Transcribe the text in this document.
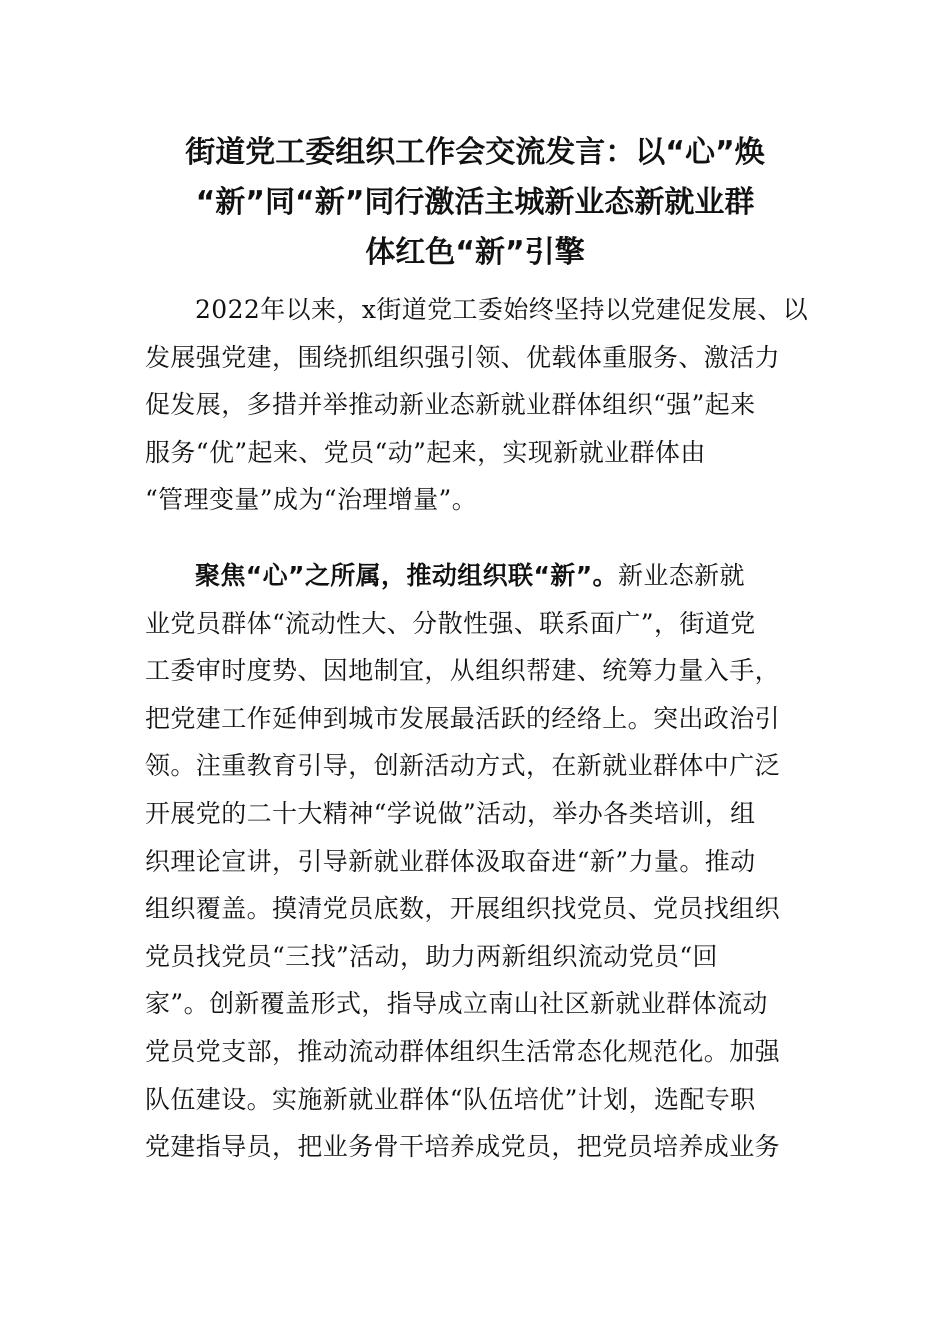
街道党工委组织工作会交流发言：以“心”焕
“新”同“新”同行激活主城新业态新就业群
体红色“新”引擎

2022年以来，x街道党工委始终坚持以党建促发展、以
发展强党建，围绕抓组织强引领、优载体重服务、激活力
促发展，多措并举推动新业态新就业群体组织“强”起来
服务“优”起来、党员“动”起来，实现新就业群体由
“管理变量”成为“治理增量”。

聚焦“心”之所属，推动组织联“新”。新业态新就
业党员群体“流动性大、分散性强、联系面广”，街道党
工委审时度势、因地制宜，从组织帮建、统筹力量入手，
把党建工作延伸到城市发展最活跃的经络上。突出政治引
领。注重教育引导，创新活动方式，在新就业群体中广泛
开展党的二十大精神“学说做”活动，举办各类培训，组
织理论宣讲，引导新就业群体汲取奋进“新”力量。推动
组织覆盖。摸清党员底数，开展组织找党员、党员找组织
党员找党员“三找”活动，助力两新组织流动党员“回
家”。创新覆盖形式，指导成立南山社区新就业群体流动
党员党支部，推动流动群体组织生活常态化规范化。加强
队伍建设。实施新就业群体“队伍培优”计划，选配专职
党建指导员，把业务骨干培养成党员，把党员培养成业务
